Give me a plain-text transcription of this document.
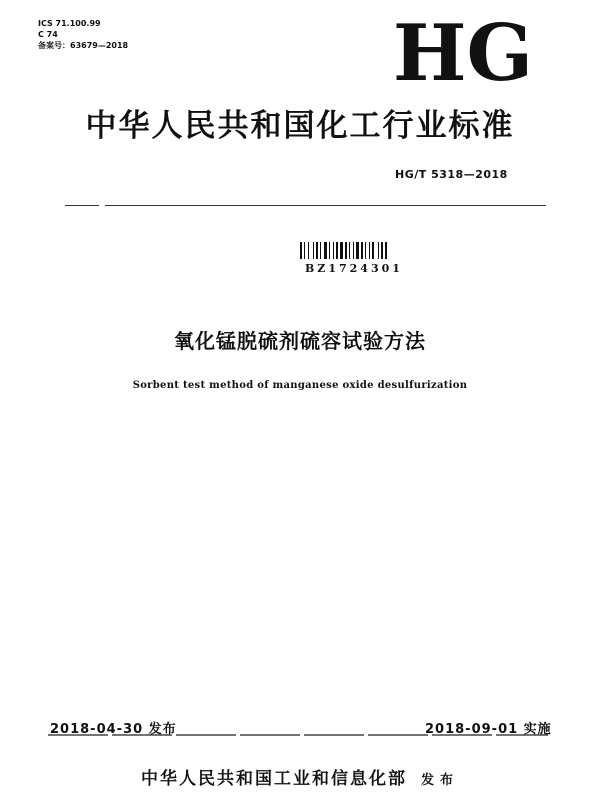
ICS 71.100.99
C 74
备案号：63679—2018	HG
中华人民共和国化工行业标准
HG/T 5318—2018
BZ1724301
氧化锰脱硫剂硫容试验方法
Sorbent test method of manganese oxide desulfurization
2018-04-30 发布	2018-09-01 实施
中华人民共和国工业和信息化部 发布
